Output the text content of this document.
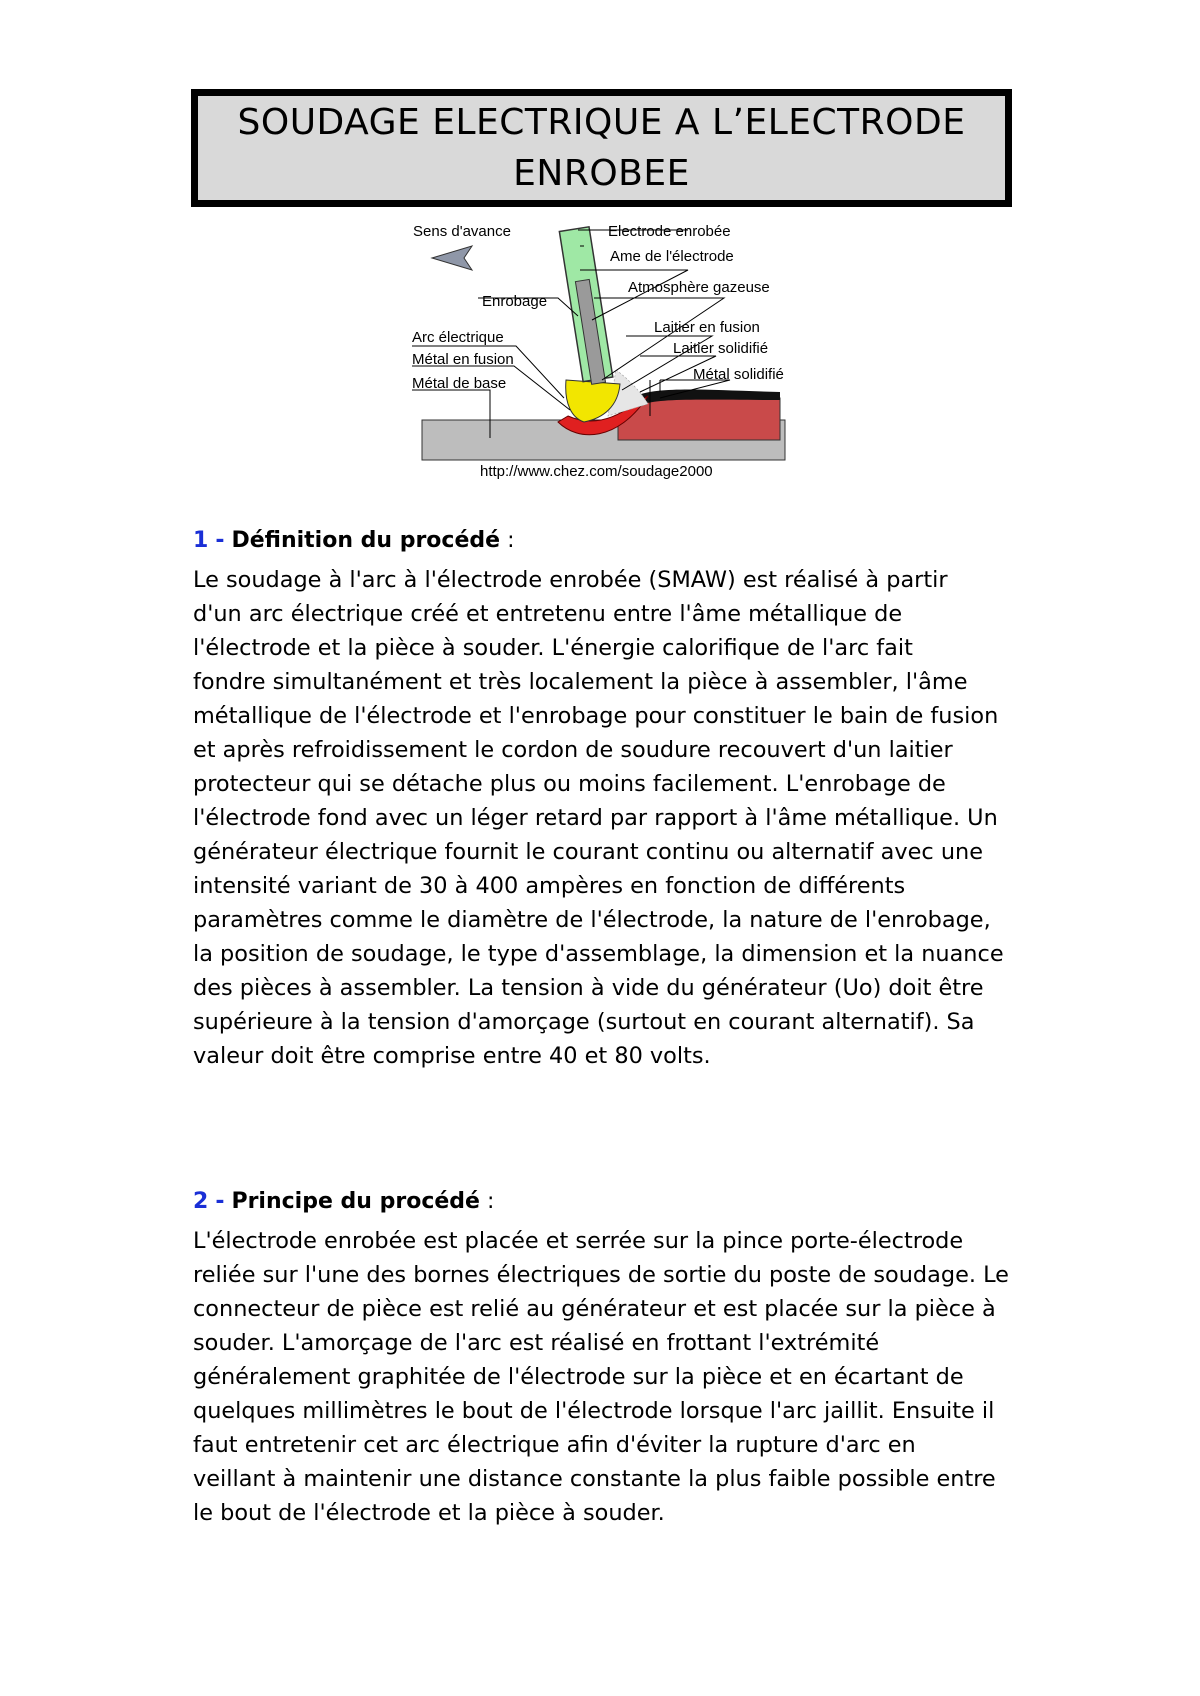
SOUDAGE ELECTRIQUE A L’ELECTRODE
ENROBEE
Sens d'avance
Enrobage
Arc électrique
Métal en fusion
Métal de base
Electrode enrobée
Ame de l'électrode
Atmosphère gazeuse
Laitier en fusion
Laitier solidifié
Métal solidifié
http://www.chez.com/soudage2000
1 - Définition du procédé :

Le soudage à l'arc à l'électrode enrobée (SMAW) est réalisé à partir
d'un arc électrique créé et entretenu entre l'âme métallique de
l'électrode et la pièce à souder. L'énergie calorifique de l'arc fait
fondre simultanément et très localement la pièce à assembler, l'âme
métallique de l'électrode et l'enrobage pour constituer le bain de fusion
et après refroidissement le cordon de soudure recouvert d'un laitier
protecteur qui se détache plus ou moins facilement. L'enrobage de
l'électrode fond avec un léger retard par rapport à l'âme métallique. Un
générateur électrique fournit le courant continu ou alternatif avec une
intensité variant de 30 à 400 ampères en fonction de différents
paramètres comme le diamètre de l'électrode, la nature de l'enrobage,
la position de soudage, le type d'assemblage, la dimension et la nuance
des pièces à assembler. La tension à vide du générateur (Uo) doit être
supérieure à la tension d'amorçage (surtout en courant alternatif). Sa
valeur doit être comprise entre 40 et 80 volts.

2 - Principe du procédé :

L'électrode enrobée est placée et serrée sur la pince porte-électrode
reliée sur l'une des bornes électriques de sortie du poste de soudage. Le
connecteur de pièce est relié au générateur et est placée sur la pièce à
souder. L'amorçage de l'arc est réalisé en frottant l'extrémité
généralement graphitée de l'électrode sur la pièce et en écartant de
quelques millimètres le bout de l'électrode lorsque l'arc jaillit. Ensuite il
faut entretenir cet arc électrique afin d'éviter la rupture d'arc en
veillant à maintenir une distance constante la plus faible possible entre
le bout de l'électrode et la pièce à souder.
